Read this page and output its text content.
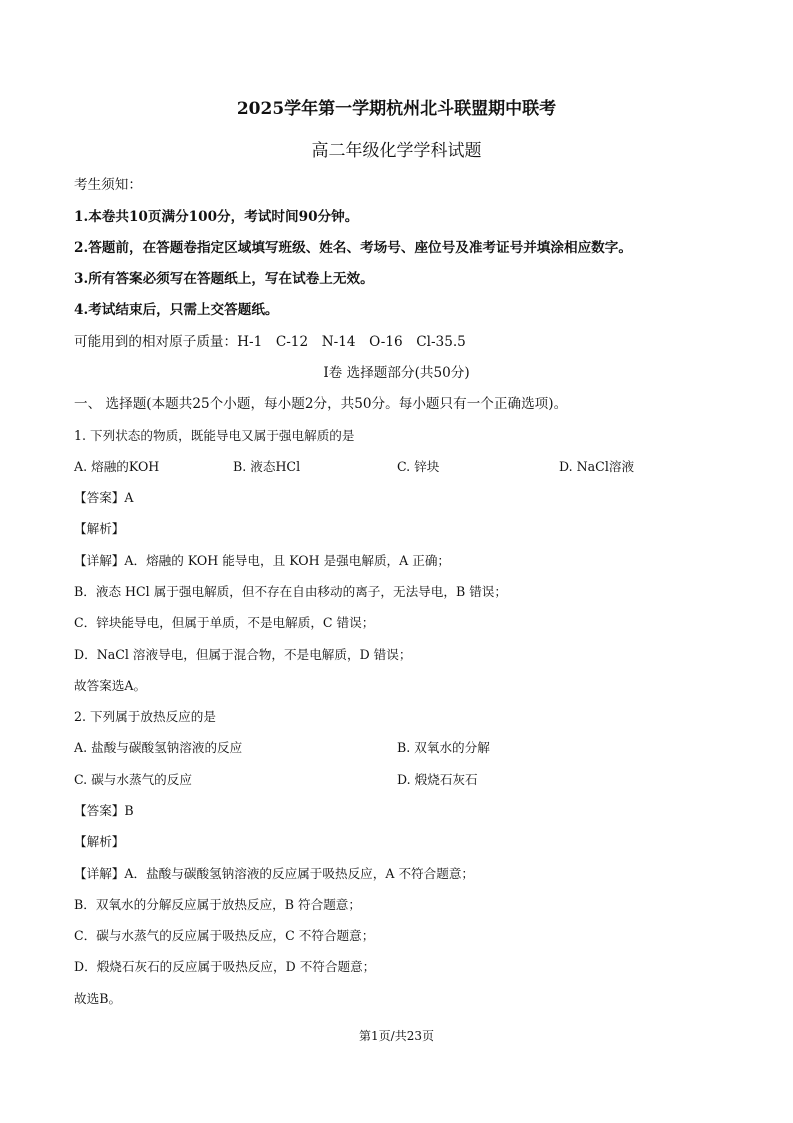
2025学年第一学期杭州北斗联盟期中联考
高二年级化学学科试题
考生须知：
1.本卷共10页满分100分，考试时间90分钟。
2.答题前，在答题卷指定区域填写班级、姓名、考场号、座位号及准考证号并填涂相应数字。
3.所有答案必须写在答题纸上，写在试卷上无效。
4.考试结束后，只需上交答题纸。
可能用到的相对原子质量：H-1　C-12　N-14　O-16　Cl-35.5
Ⅰ卷 选择题部分(共50分)
一、 选择题(本题共25个小题，每小题2分，共50分。每小题只有一个正确选项)。
1. 下列状态的物质，既能导电又属于强电解质的是
A. 熔融的KOH	B. 液态HCl	C. 锌块	D. NaCl溶液
【答案】A
【解析】
【详解】A．熔融的 KOH 能导电，且 KOH 是强电解质，A 正确；
B．液态 HCl 属于强电解质，但不存在自由移动的离子，无法导电，B 错误；
C．锌块能导电，但属于单质，不是电解质，C 错误；
D．NaCl 溶液导电，但属于混合物，不是电解质，D 错误；
故答案选A。
2. 下列属于放热反应的是
A. 盐酸与碳酸氢钠溶液的反应	B. 双氧水的分解
C. 碳与水蒸气的反应	D. 煅烧石灰石
【答案】B
【解析】
【详解】A．盐酸与碳酸氢钠溶液的反应属于吸热反应，A 不符合题意；
B．双氧水的分解反应属于放热反应，B 符合题意；
C．碳与水蒸气的反应属于吸热反应，C 不符合题意；
D．煅烧石灰石的反应属于吸热反应，D 不符合题意；
故选B。
第1页/共23页
